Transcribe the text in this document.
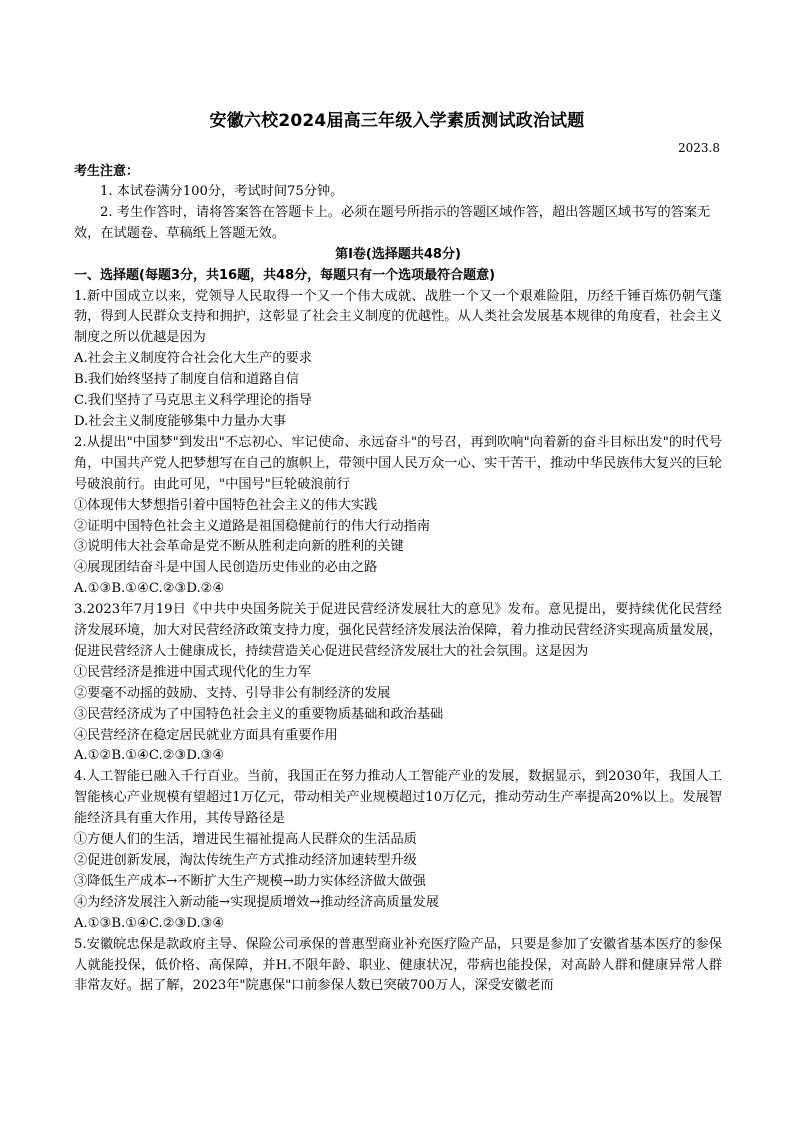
安徽六校2024届高三年级入学素质测试政治试题
2023.8
考生注意：

1. 本试卷满分100分，考试时间75分钟。

2. 考生作答时，请将答案答在答题卡上。必须在题号所指示的答题区域作答，超出答题区域书写的答案无效，在试题卷、草稿纸上答题无效。

第Ⅰ卷(选择题共48分)
一、选择题(每题3分，共16题，共48分，每题只有一个选项最符合题意)

1.新中国成立以来，党领导人民取得一个又一个伟大成就、战胜一个又一个艰难险阻，历经千锤百炼仍朝气蓬勃，得到人民群众支持和拥护，这彰显了社会主义制度的优越性。从人类社会发展基本规律的角度看，社会主义制度之所以优越是因为

A.社会主义制度符合社会化大生产的要求

B.我们始终坚持了制度自信和道路自信

C.我们坚持了马克思主义科学理论的指导

D.社会主义制度能够集中力量办大事

2.从提出"中国梦"到发出"不忘初心、牢记使命、永远奋斗"的号召，再到吹响"向着新的奋斗目标出发"的时代号角，中国共产党人把梦想写在自己的旗帜上，带领中国人民万众一心、实干苦干，推动中华民族伟大复兴的巨轮号破浪前行。由此可见，"中国号"巨轮破浪前行

①体现伟大梦想指引着中国特色社会主义的伟大实践

②证明中国特色社会主义道路是祖国稳健前行的伟大行动指南

③说明伟大社会革命是党不断从胜利走向新的胜利的关键

④展现团结奋斗是中国人民创造历史伟业的必由之路

A.①③B.①④C.②③D.②④

3.2023年7月19日《中共中央国务院关于促进民营经济发展壮大的意见》发布。意见提出，要持续优化民营经济发展环境，加大对民营经济政策支持力度，强化民营经济发展法治保障，着力推动民营经济实现高质量发展，促进民营经济人士健康成长，持续营造关心促进民营经济发展壮大的社会氛围。这是因为

①民营经济是推进中国式现代化的生力军

②要毫不动摇的鼓励、支持、引导非公有制经济的发展

③民营经济成为了中国特色社会主义的重要物质基础和政治基础

④民营经济在稳定居民就业方面具有重要作用

A.①②B.①④C.②③D.③④

4.人工智能已融入千行百业。当前，我国正在努力推动人工智能产业的发展，数据显示，到2030年，我国人工智能核心产业规模有望超过1万亿元，带动相关产业规模超过10万亿元，推动劳动生产率提高20%以上。发展智能经济具有重大作用，其传导路径是

①方便人们的生活，增进民生福祉提高人民群众的生活品质

②促进创新发展，淘汰传统生产方式推动经济加速转型升级

③降低生产成本→不断扩大生产规模→助力实体经济做大做强

④为经济发展注入新动能→实现提质增效→推动经济高质量发展

A.①③B.①④C.②③D.③④

5.安徽皖忠保是款政府主导、保险公司承保的普惠型商业补充医疗险产品，只要是参加了安徽省基本医疗的参保人就能投保，低价格、高保障，并H.不限年龄、职业、健康状况，带病也能投保，对高龄人群和健康异常人群非常友好。据了解，2023年"院惠保"口前参保人数已突破700万人，深受安徽老而
